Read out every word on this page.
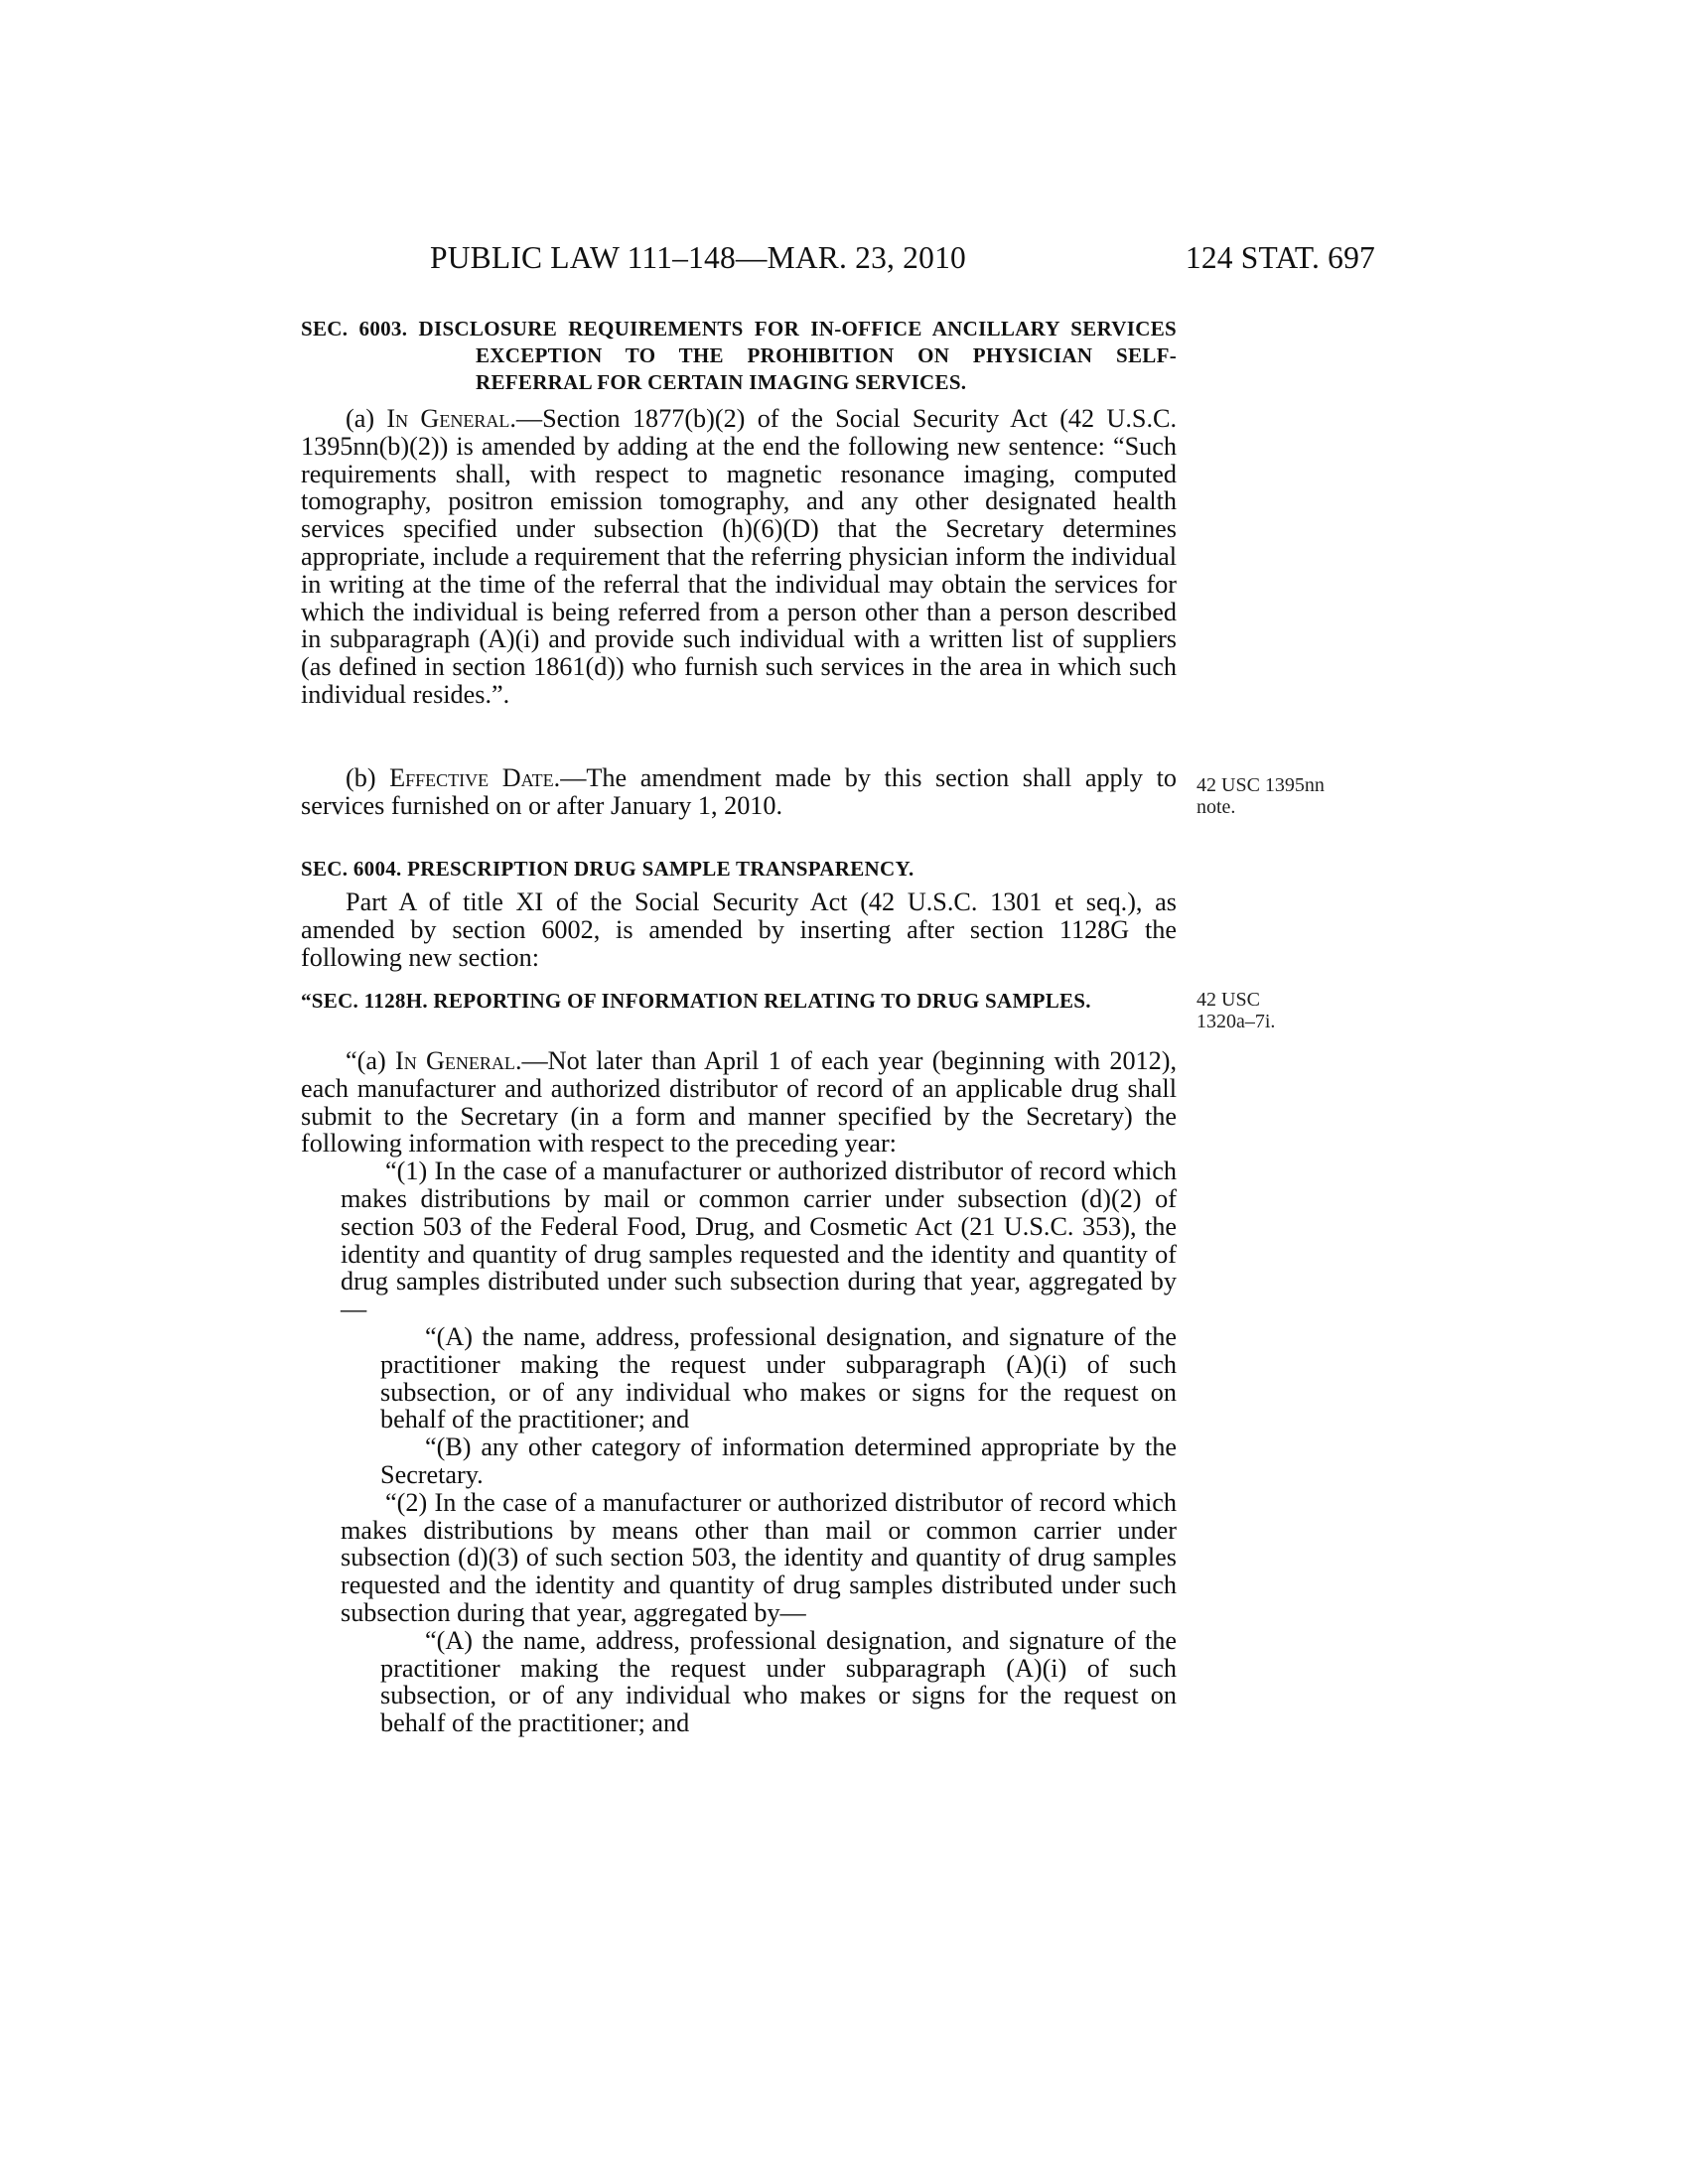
PUBLIC LAW 111–148—MAR. 23, 2010	124 STAT. 697
SEC. 6003. DISCLOSURE REQUIREMENTS FOR IN-OFFICE ANCILLARY SERVICES EXCEPTION TO THE PROHIBITION ON PHYSICIAN SELF-REFERRAL FOR CERTAIN IMAGING SERVICES.

(a) In General.—Section 1877(b)(2) of the Social Security Act (42 U.S.C. 1395nn(b)(2)) is amended by adding at the end the following new sentence: “Such requirements shall, with respect to magnetic resonance imaging, computed tomography, positron emission tomography, and any other designated health services specified under subsection (h)(6)(D) that the Secretary determines appropriate, include a requirement that the referring physician inform the individual in writing at the time of the referral that the individual may obtain the services for which the individual is being referred from a person other than a person described in subparagraph (A)(i) and provide such individual with a written list of suppliers (as defined in section 1861(d)) who furnish such services in the area in which such individual resides.”.

(b) Effective Date.—The amendment made by this section shall apply to services furnished on or after January 1, 2010.

42 USC 1395nn note.
SEC. 6004. PRESCRIPTION DRUG SAMPLE TRANSPARENCY.

Part A of title XI of the Social Security Act (42 U.S.C. 1301 et seq.), as amended by section 6002, is amended by inserting after section 1128G the following new section:

“SEC. 1128H. REPORTING OF INFORMATION RELATING TO DRUG SAMPLES.	42 USC 1320a–7i.

“(a) In General.—Not later than April 1 of each year (beginning with 2012), each manufacturer and authorized distributor of record of an applicable drug shall submit to the Secretary (in a form and manner specified by the Secretary) the following information with respect to the preceding year:

“(1) In the case of a manufacturer or authorized distributor of record which makes distributions by mail or common carrier under subsection (d)(2) of section 503 of the Federal Food, Drug, and Cosmetic Act (21 U.S.C. 353), the identity and quantity of drug samples requested and the identity and quantity of drug samples distributed under such subsection during that year, aggregated by—

“(A) the name, address, professional designation, and signature of the practitioner making the request under subparagraph (A)(i) of such subsection, or of any individual who makes or signs for the request on behalf of the practitioner; and

“(B) any other category of information determined appropriate by the Secretary.

“(2) In the case of a manufacturer or authorized distributor of record which makes distributions by means other than mail or common carrier under subsection (d)(3) of such section 503, the identity and quantity of drug samples requested and the identity and quantity of drug samples distributed under such subsection during that year, aggregated by—

“(A) the name, address, professional designation, and signature of the practitioner making the request under subparagraph (A)(i) of such subsection, or of any individual who makes or signs for the request on behalf of the practitioner; and
